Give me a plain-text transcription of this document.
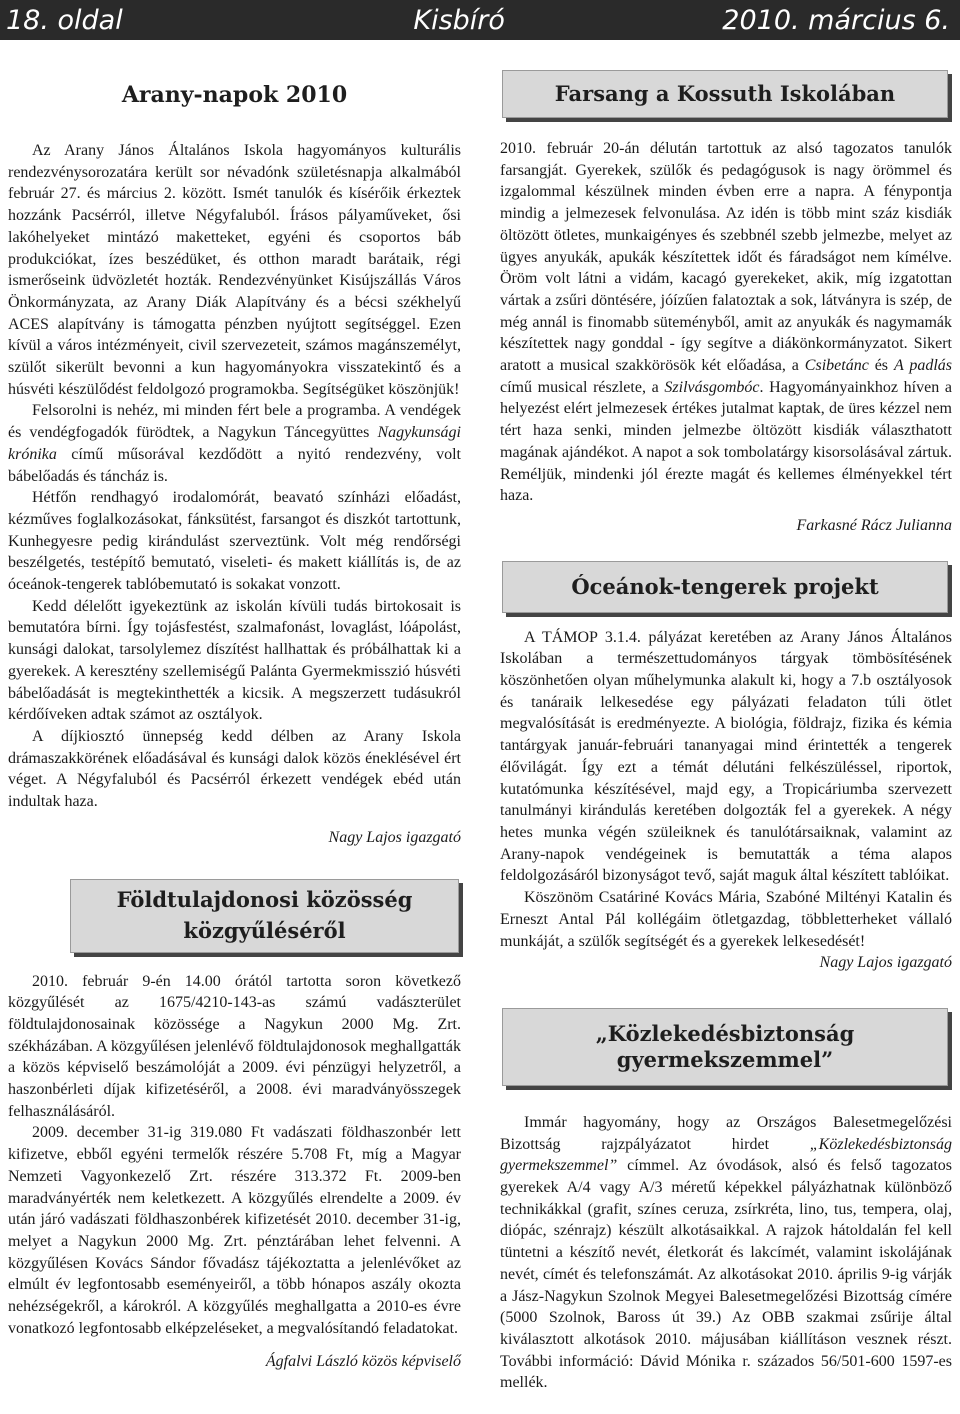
18. oldal	Kisbíró	2010. március 6.
Arany-napok 2010

Az Arany János Általános Iskola hagyományos kulturális rendezvénysorozatára került sor névadónk születésnapja alkalmából február 27. és március 2. között. Ismét tanulók és kísérőik érkeztek hozzánk Pacsérról, illetve Négyfaluból. Írásos pályaműveket, ősi lakóhelyeket mintázó maketteket, egyéni és csoportos báb produkciókat, ízes beszédüket, és otthon maradt barátaik, régi ismerőseink üdvözletét hozták. Rendezvényünket Kisújszállás Város Önkormányzata, az Arany Diák Alapítvány és a bécsi székhelyű ACES alapítvány is támogatta pénzben nyújtott segítséggel. Ezen kívül a város intézményeit, civil szervezeteit, számos magánszemélyt, szülőt sikerült bevonni a kun hagyományokra visszatekintő és a húsvéti készülődést feldolgozó programokba. Segítségüket köszönjük!

Felsorolni is nehéz, mi minden fért bele a programba. A vendégek és vendégfogadók fürödtek, a Nagykun Táncegyüttes Nagykunsági krónika című műsorával kezdődött a nyitó rendezvény, volt bábelőadás és táncház is.

Hétfőn rendhagyó irodalomórát, beavató színházi előadást, kézműves foglalkozásokat, fánksütést, farsangot és diszkót tartottunk, Kunhegyesre pedig kirándulást szerveztünk. Volt még rendőrségi beszélgetés, testépítő bemutató, viseleti- és makett kiállítás is, de az óceánok-tengerek tablóbemutató is sokakat vonzott.

Kedd délelőtt igyekeztünk az iskolán kívüli tudás birtokosait is bemutatóra bírni. Így tojásfestést, szalmafonást, lovaglást, lóápolást, kunsági dalokat, tarsolylemez díszítést hallhattak és próbálhattak ki a gyerekek. A keresztény szellemiségű Palánta Gyermekmisszió húsvéti bábelőadását is megtekinthették a kicsik. A megszerzett tudásukról kérdőíveken adtak számot az osztályok.

A díjkiosztó ünnepség kedd délben az Arany Iskola drámaszakkörének előadásával és kunsági dalok közös éneklésével ért véget. A Négyfaluból és Pacsérról érkezett vendégek ebéd után indultak haza.

Nagy Lajos igazgató

Földtulajdonosi közösség közgyűléséről

2010. február 9-én 14.00 órától tartotta soron következő közgyűlését az 1675/4210-143-as számú vadászterület földtulajdonosainak közössége a Nagykun 2000 Mg. Zrt. székházában. A közgyűlésen jelenlévő földtulajdonosok meghallgatták a közös képviselő beszámolóját a 2009. évi pénzügyi helyzetről, a haszonbérleti díjak kifizetéséről, a 2008. évi maradványösszegek felhasználásáról.

2009. december 31-ig 319.080 Ft vadászati földhaszonbér lett kifizetve, ebből egyéni termelők részére 5.708 Ft, míg a Magyar Nemzeti Vagyonkezelő Zrt. részére 313.372 Ft. 2009-ben maradványérték nem keletkezett. A közgyűlés elrendelte a 2009. év után járó vadászati földhaszonbérek kifizetését 2010. december 31-ig, melyet a Nagykun 2000 Mg. Zrt. pénztárában lehet felvenni. A közgyűlésen Kovács Sándor fővadász tájékoztatta a jelenlévőket az elmúlt év legfontosabb eseményeiről, a több hónapos aszály okozta nehézségekről, a károkról. A közgyűlés meghallgatta a 2010-es évre vonatkozó legfontosabb elképzeléseket, a megvalósítandó feladatokat.

Ágfalvi László közös képviselő

Farsang a Kossuth Iskolában

2010. február 20-án délután tartottuk az alsó tagozatos tanulók farsangját. Gyerekek, szülők és pedagógusok is nagy örömmel és izgalommal készülnek minden évben erre a napra. A fénypontja mindig a jelmezesek felvonulása. Az idén is több mint száz kisdiák öltözött ötletes, munkaigényes és szebbnél szebb jelmezbe, melyet az ügyes anyukák, apukák készítettek időt és fáradságot nem kímélve. Öröm volt látni a vidám, kacagó gyerekeket, akik, míg izgatottan vártak a zsűri döntésére, jóízűen falatoztak a sok, látványra is szép, de még annál is finomabb süteményből, amit az anyukák és nagymamák készítettek nagy gonddal - így segítve a diákönkormányzatot. Sikert aratott a musical szakkörösök két előadása, a Csibetánc és A padlás című musical részlete, a Szilvásgombóc. Hagyományainkhoz híven a helyezést elért jelmezesek értékes jutalmat kaptak, de üres kézzel nem tért haza senki, minden jelmezbe öltözött kisdiák választhatott magának ajándékot. A napot a sok tombolatárgy kisorsolásával zártuk. Reméljük, mindenki jól érezte magát és kellemes élményekkel tért haza.

Farkasné Rácz Julianna

Óceánok-tengerek projekt

A TÁMOP 3.1.4. pályázat keretében az Arany János Általános Iskolában a természettudományos tárgyak tömbösítésének köszönhetően olyan műhelymunka alakult ki, hogy a 7.b osztályosok és tanáraik lelkesedése egy pályázati feladaton túli ötlet megvalósítását is eredményezte. A biológia, földrajz, fizika és kémia tantárgyak január-februári tananyagai mind érintették a tengerek élővilágát. Így ezt a témát délutáni felkészüléssel, riportok, kutatómunka készítésével, majd egy, a Tropicáriumba szervezett tanulmányi kirándulás keretében dolgozták fel a gyerekek. A négy hetes munka végén szüleiknek és tanulótársaiknak, valamint az Arany-napok vendégeinek is bemutatták a téma alapos feldolgozásáról bizonyságot tevő, saját maguk által készített tablóikat.

Köszönöm Csatáriné Kovács Mária, Szabóné Miltényi Katalin és Erneszt Antal Pál kollégáim ötletgazdag, többletterheket vállaló munkáját, a szülők segítségét és a gyerekek lelkesedését!

Nagy Lajos igazgató

„Közlekedésbiztonság gyermekszemmel”

Immár hagyomány, hogy az Országos Balesetmegelőzési Bizottság rajzpályázatot hirdet „Közlekedésbiztonság gyermekszemmel” címmel. Az óvodások, alsó és felső tagozatos gyerekek A/4 vagy A/3 méretű képekkel pályázhatnak különböző technikákkal (grafit, színes ceruza, zsírkréta, lino, tus, tempera, olaj, diópác, szénrajz) készült alkotásaikkal. A rajzok hátoldalán fel kell tüntetni a készítő nevét, életkorát és lakcímét, valamint iskolájának nevét, címét és telefonszámát. Az alkotásokat 2010. április 9-ig várják a Jász-Nagykun Szolnok Megyei Balesetmegelőzési Bizottság címére (5000 Szolnok, Baross út 39.) Az OBB szakmai zsűrije által kiválasztott alkotások 2010. májusában kiállításon vesznek részt. További információ: Dávid Mónika r. százados 56/501-600 1597-es mellék.
